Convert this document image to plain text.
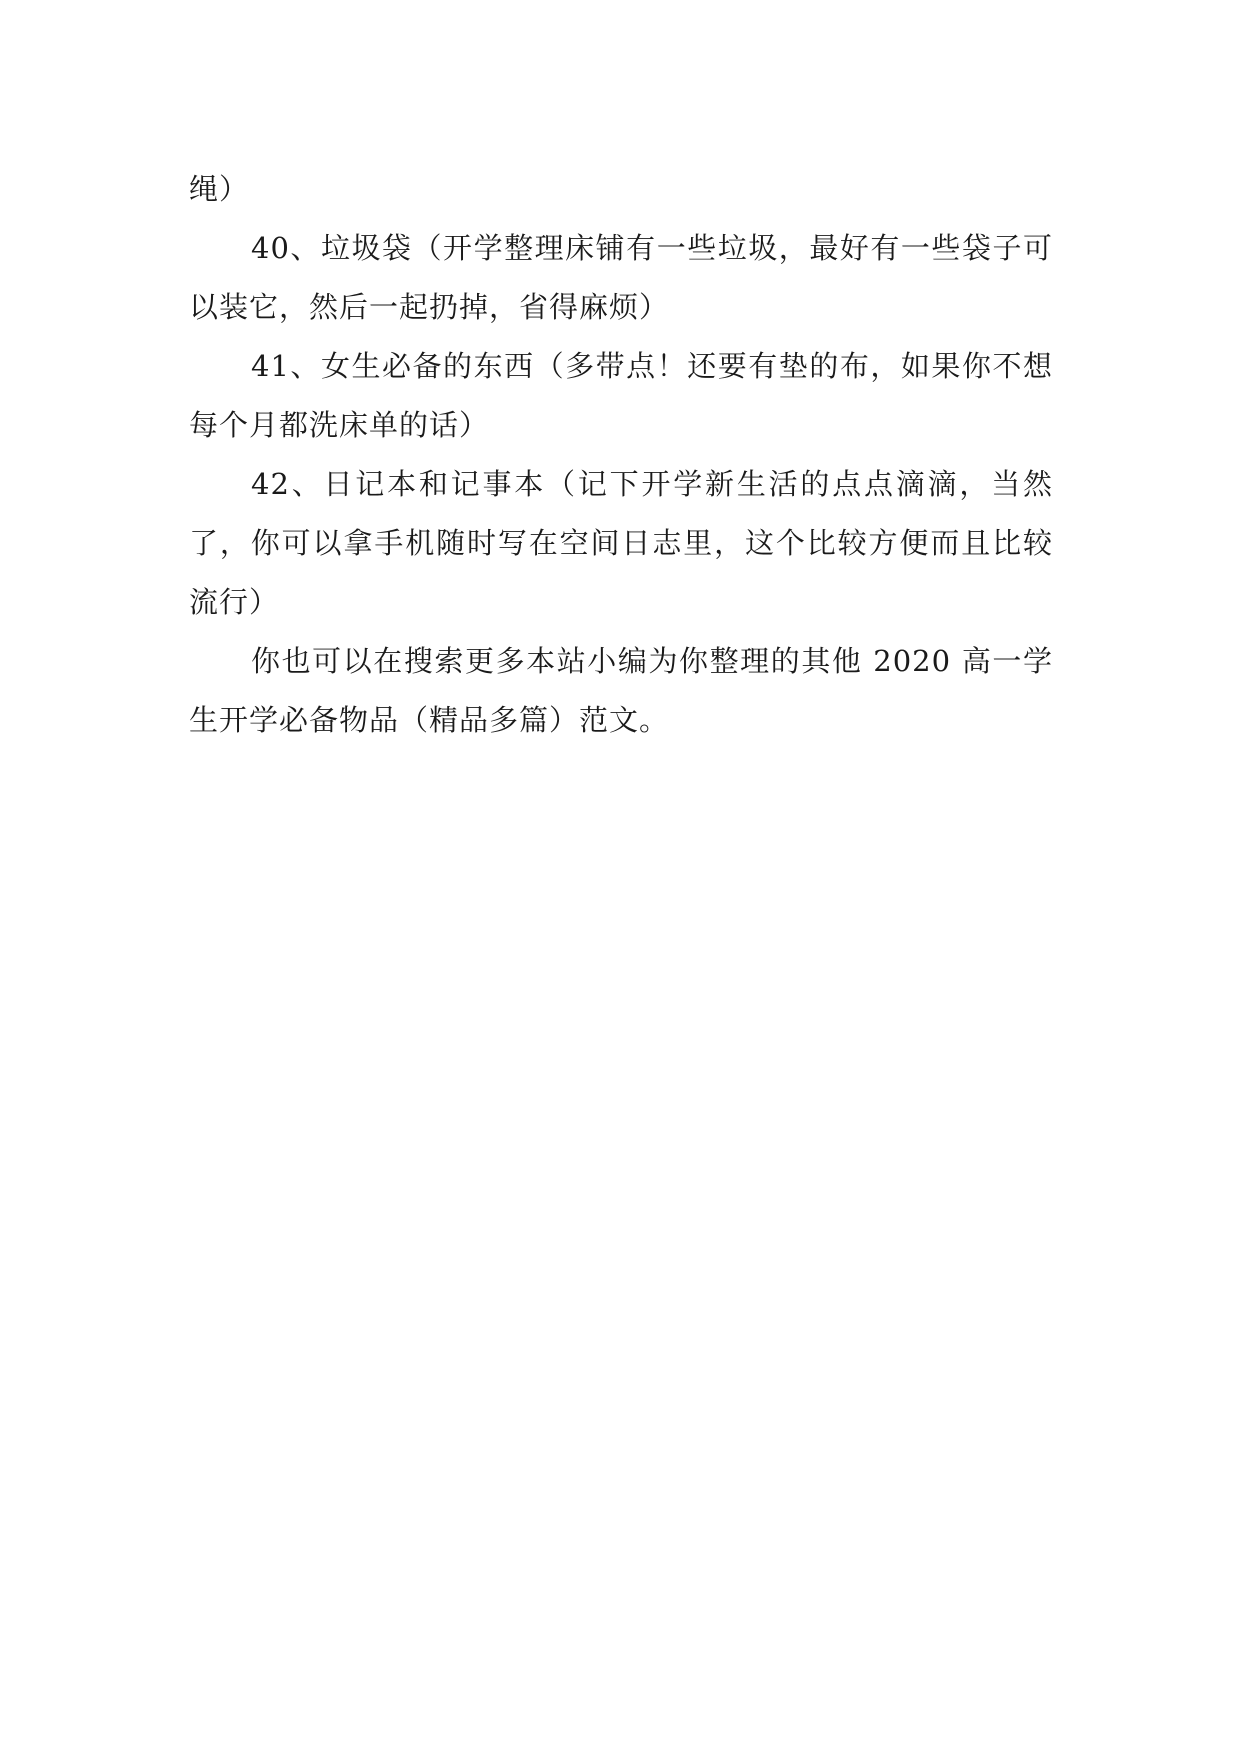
绳）

40、垃圾袋（开学整理床铺有一些垃圾，最好有一些袋子可以装它，然后一起扔掉，省得麻烦）

41、女生必备的东西（多带点！还要有垫的布，如果你不想每个月都洗床单的话）

42、日记本和记事本（记下开学新生活的点点滴滴，当然了，你可以拿手机随时写在空间日志里，这个比较方便而且比较流行）

你也可以在搜索更多本站小编为你整理的其他 2020 高一学生开学必备物品（精品多篇）范文。
